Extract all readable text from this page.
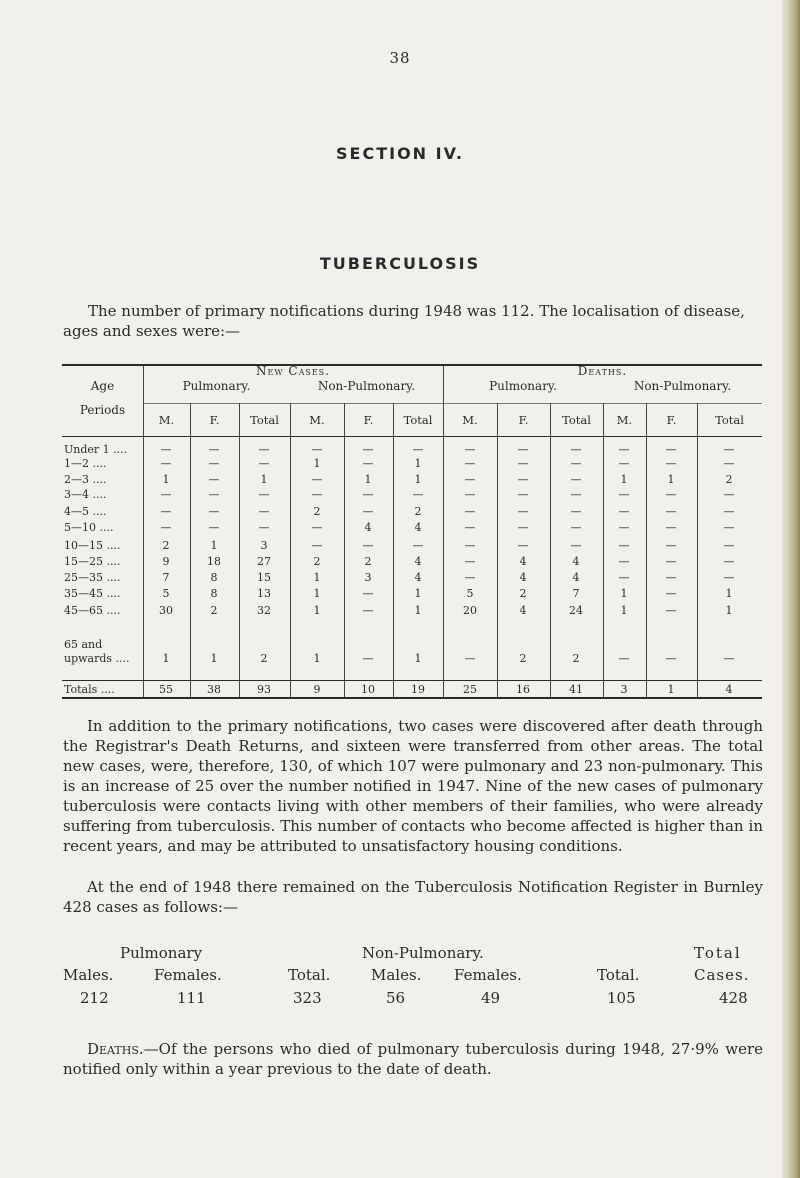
38
SECTION IV.
TUBERCULOSIS

The number of primary notifications during 1948 was 112. The localisation of disease, ages and sexes were:—

Age
Periods
New Cases.	Deaths.
Pulmonary.	Non-Pulmonary.	Pulmonary.	Non-Pulmonary.
M.	F.	Total	M.	F.	Total	M.	F.	Total	M.	F.	Total
Under 1 ....	—	—	—	—	—	—	—	—	—	—	—	—
1—2 ....	—	—	—	1	—	1	—	—	—	—	—	—
2—3 ....	1	—	1	—	1	1	—	—	—	1	1	2
3—4 ....	—	—	—	—	—	—	—	—	—	—	—	—
4—5 ....	—	—	—	2	—	2	—	—	—	—	—	—
5—10 ....	—	—	—	—	4	4	—	—	—	—	—	—
10—15 ....	2	1	3	—	—	—	—	—	—	—	—	—
15—25 ....	9	18	27	2	2	4	—	4	4	—	—	—
25—35 ....	7	8	15	1	3	4	—	4	4	—	—	—
35—45 ....	5	8	13	1	—	1	5	2	7	1	—	1
45—65 ....	30	2	32	1	—	1	20	4	24	1	—	1
65 and
upwards ....	1	1	2	1	—	1	—	2	2	—	—	—
Totals ....	55	38	93	9	10	19	25	16	41	3	1	4

In addition to the primary notifications, two cases were discovered after death through the Registrar's Death Returns, and sixteen were transferred from other areas. The total new cases, were, therefore, 130, of which 107 were pulmonary and 23 non-pulmonary. This is an increase of 25 over the number notified in 1947. Nine of the new cases of pulmonary tuberculosis were contacts living with other members of their families, who were already suffering from tuberculosis. This number of contacts who become affected is higher than in recent years, and may be attributed to unsatisfactory housing conditions.

At the end of 1948 there remained on the Tuberculosis Notification Register in Burnley 428 cases as follows:—

Pulmonary	Non-Pulmonary.	Total
Males.	Females.	Total.	Males. Females.	Total.	Cases.
212	111	323	56	49	105	428

Deaths.—Of the persons who died of pulmonary tuberculosis during 1948, 27·9% were notified only within a year previous to the date of death.
